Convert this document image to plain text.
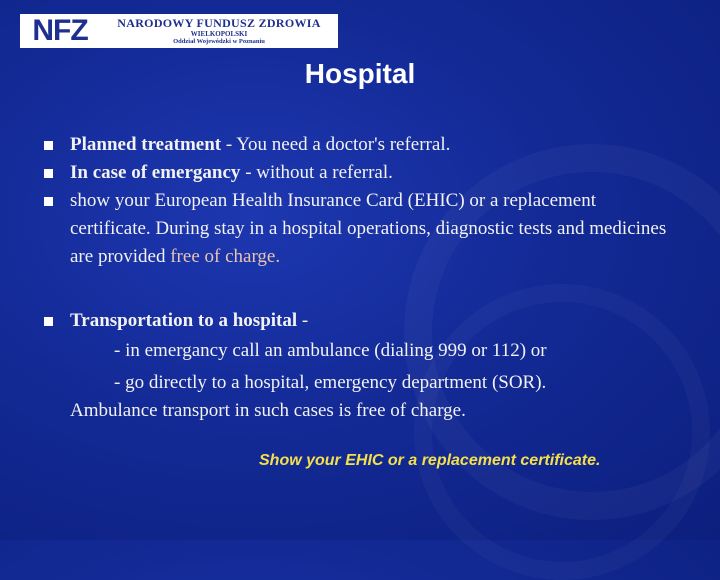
NFZ	NARODOWY FUNDUSZ ZDROWIA
WIELKOPOLSKI
Oddział Wojewódzki w Poznaniu
Hospital
Planned treatment - You need a doctor's referral.
In case of emergancy - without a referral.
show your European Health Insurance Card (EHIC) or a replacement certificate. During stay in a hospital operations, diagnostic tests and medicines are provided free of charge.
Transportation to a hospital -
- in emergancy call an ambulance (dialing 999 or 112) or
- go directly to a hospital, emergency department (SOR).
Ambulance transport in such cases is free of charge.
Show your EHIC or a replacement certificate.
